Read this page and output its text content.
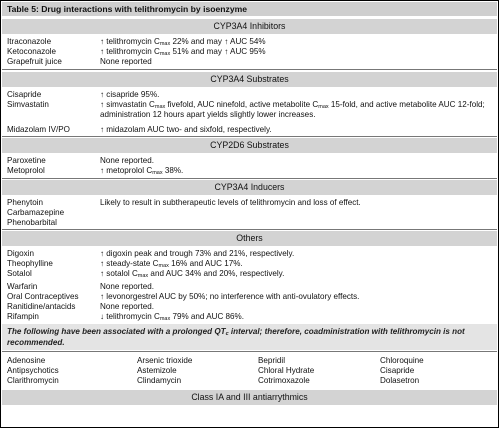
Table 5: Drug interactions with telithromycin by isoenzyme
CYP3A4 Inhibitors
Itraconazole	↑ telithromycin $C_{max}$ 22% and may ↑ AUC 54%
Ketoconazole	↑ telithromycin $C_{max}$ 51% and may ↑ AUC 95%
Grapefruit juice	None reported
CYP3A4 Substrates
Cisapride	↑ cisapride 95%.
Simvastatin	↑ simvastatin $C_{max}$ fivefold, AUC ninefold, active metabolite $C_{max}$ 15-fold, and active metabolite AUC 12-fold; administration 12 hours apart yields slightly lower increases.
Midazolam IV/PO	↑ midazolam AUC two- and sixfold, respectively.
CYP2D6 Substrates
Paroxetine	None reported.
Metoprolol	↑ metoprolol $C_{max}$ 38%.
CYP3A4 Inducers
Phenytoin	Likely to result in subtherapeutic levels of telithromycin and loss of effect.
Carbamazepine
Phenobarbital
Others
Digoxin	↑ digoxin peak and trough 73% and 21%, respectively.
Theophylline	↑ steady-state $C_{max}$ 16% and AUC 17%.
Sotalol	↑ sotalol $C_{max}$ and AUC 34% and 20%, respectively.
Warfarin	None reported.
Oral Contraceptives	↑ levonorgestrel AUC by 50%; no interference with anti-ovulatory effects.
Ranitidine/antacids	None reported.
Rifampin	↓ telithromycin $C_{max}$ 79% and AUC 86%.
The following have been associated with a prolonged $QT_c$ interval; therefore, coadministration with telithromycin is not recommended.
Adenosine	Arsenic trioxide	Bepridil	Chloroquine
Antipsychotics	Astemizole	Chloral Hydrate	Cisapride
Clarithromycin	Clindamycin	Cotrimoxazole	Dolasetron
Class IA and III antiarrythmics
